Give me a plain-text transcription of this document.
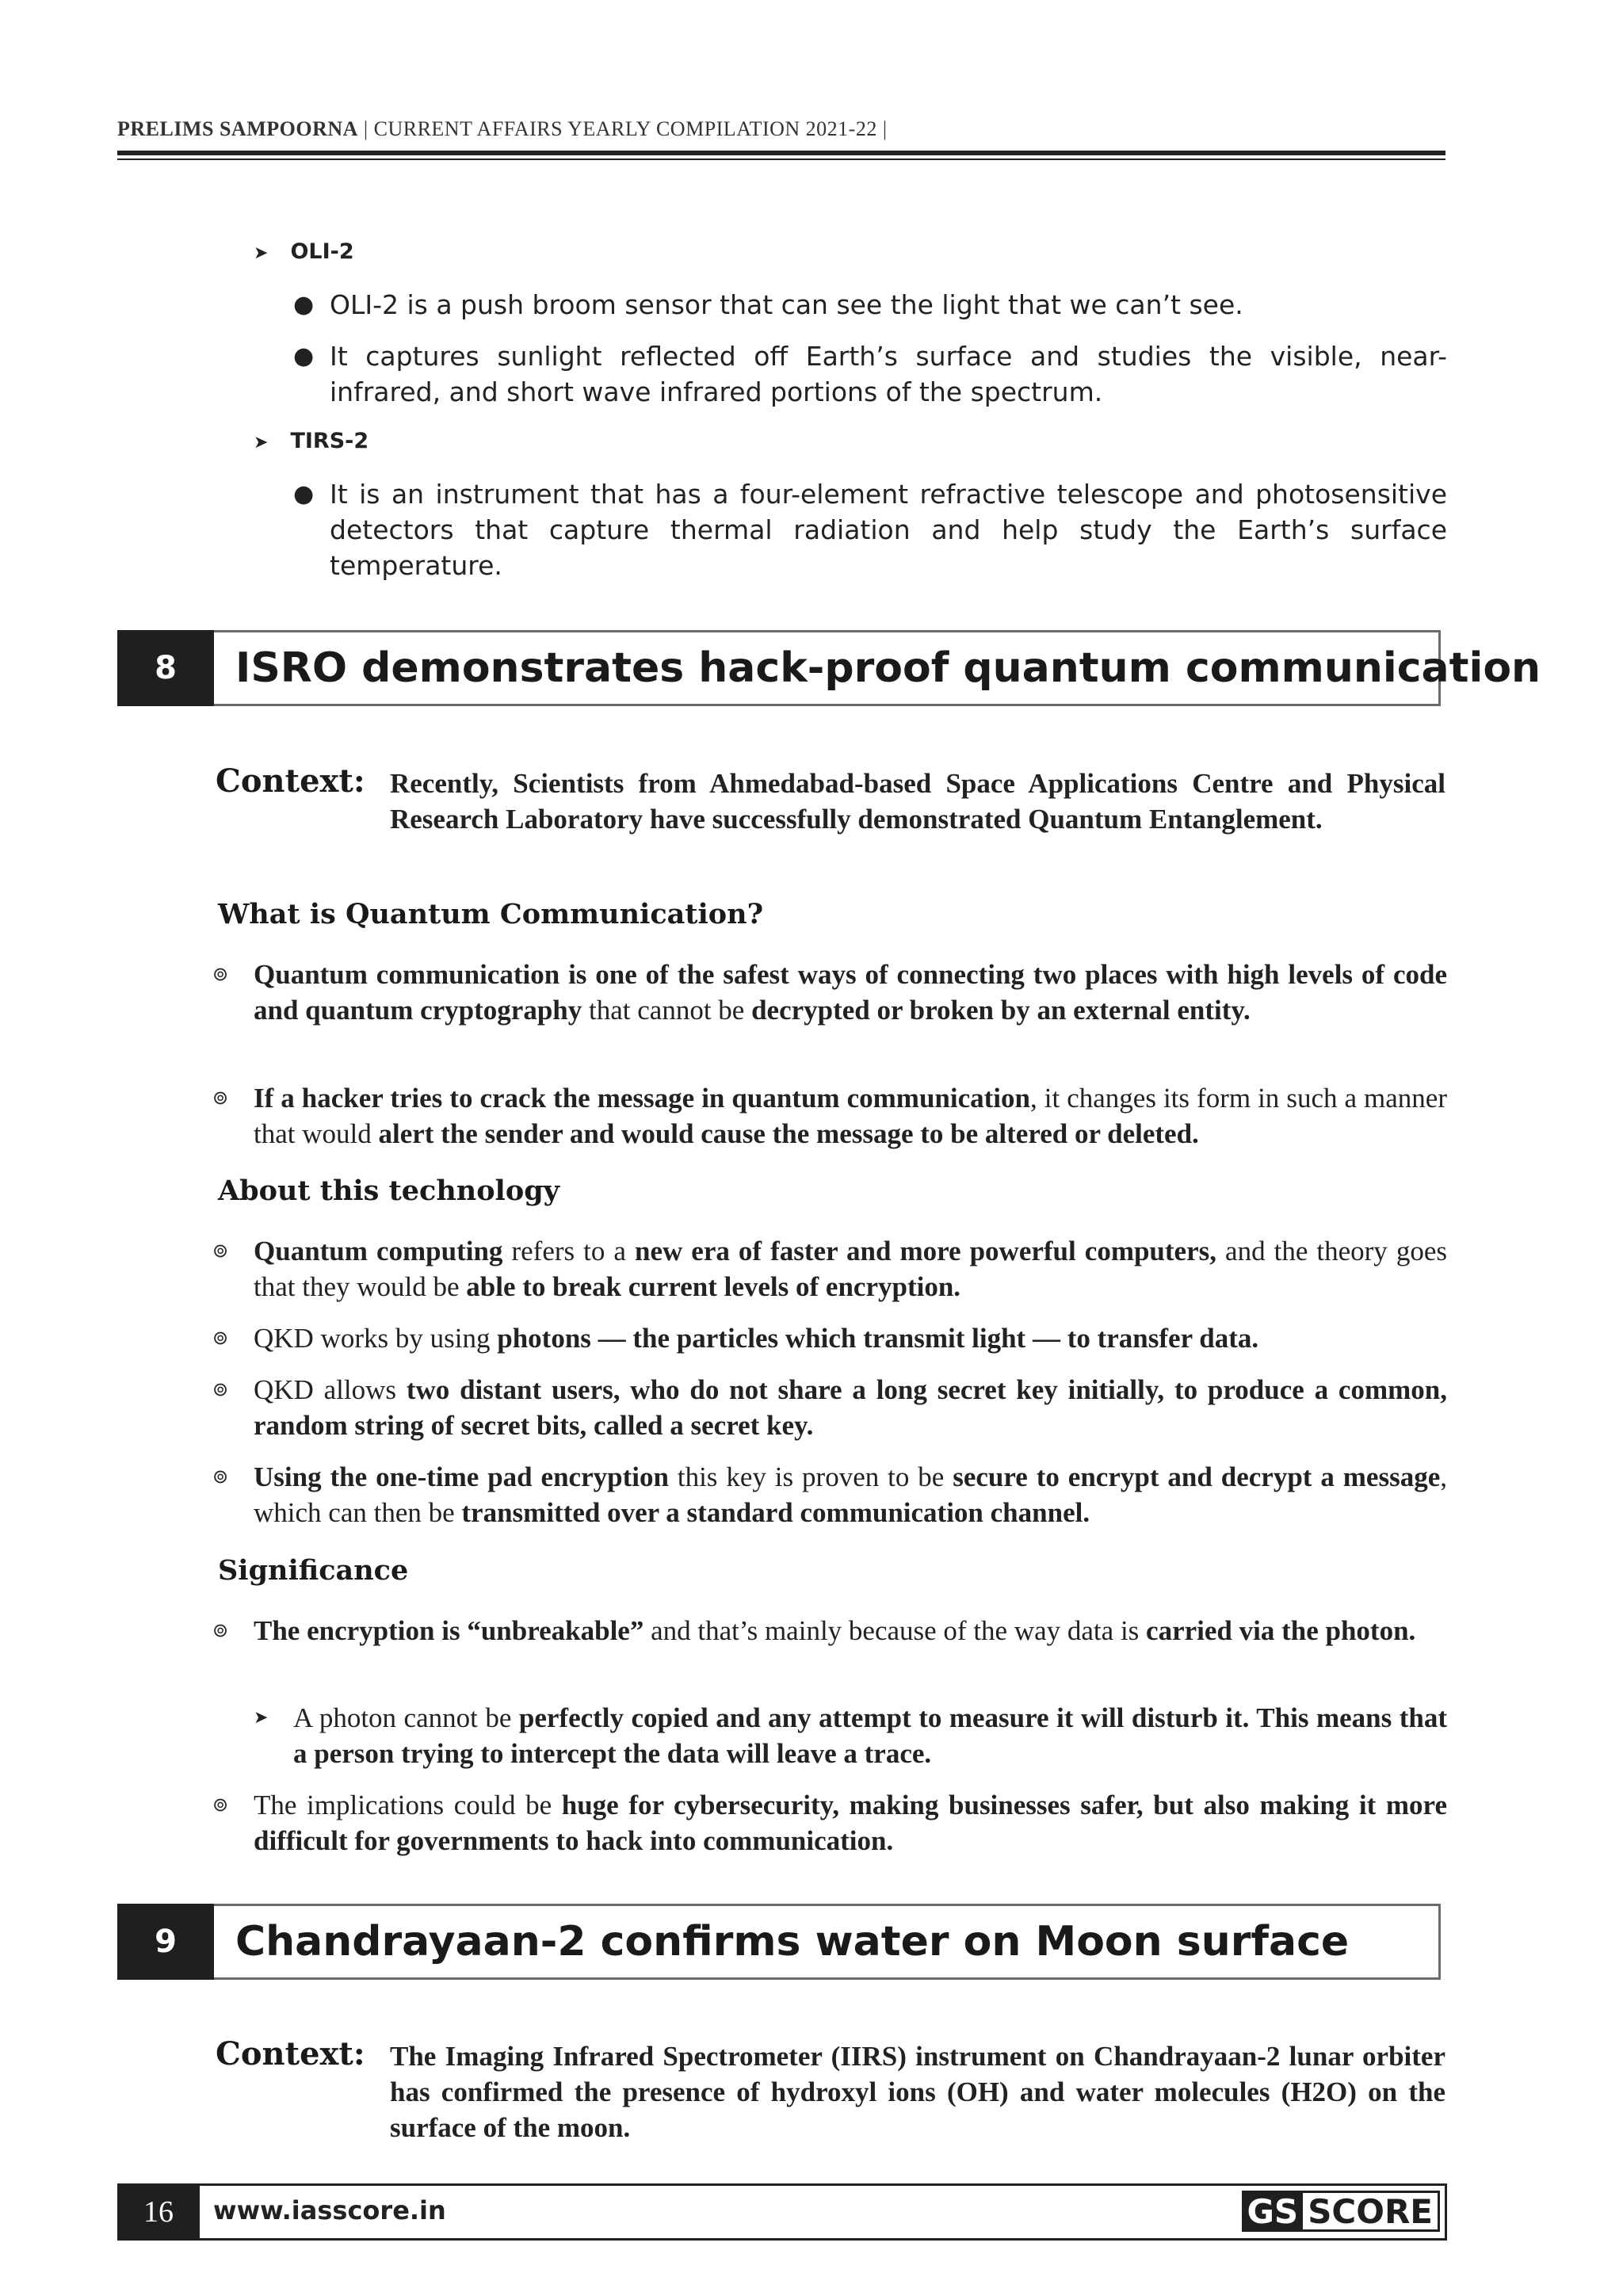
PRELIMS SAMPOORNA | CURRENT AFFAIRS YEARLY COMPILATION 2021-22 |
➤ OLI-2
● OLI-2 is a push broom sensor that can see the light that we can’t see.
● It captures sunlight reflected off Earth’s surface and studies the visible, near-infrared, and short wave infrared portions of the spectrum.
➤ TIRS-2
● It is an instrument that has a four-element refractive telescope and photosensitive detectors that capture thermal radiation and help study the Earth’s surface temperature.
8	ISRO demonstrates hack-proof quantum communication
Context: Recently, Scientists from Ahmedabad-based Space Applications Centre and Physical Research Laboratory have successfully demonstrated Quantum Entanglement.
What is Quantum Communication?
⊚ Quantum communication is one of the safest ways of connecting two places with high levels of code and quantum cryptography that cannot be decrypted or broken by an external entity.
⊚ If a hacker tries to crack the message in quantum communication, it changes its form in such a manner that would alert the sender and would cause the message to be altered or deleted.
About this technology
⊚ Quantum computing refers to a new era of faster and more powerful computers, and the theory goes that they would be able to break current levels of encryption.
⊚ QKD works by using photons — the particles which transmit light — to transfer data.
⊚ QKD allows two distant users, who do not share a long secret key initially, to produce a common, random string of secret bits, called a secret key.
⊚ Using the one-time pad encryption this key is proven to be secure to encrypt and decrypt a message, which can then be transmitted over a standard communication channel.
Significance
⊚ The encryption is “unbreakable” and that’s mainly because of the way data is carried via the photon.
➤ A photon cannot be perfectly copied and any attempt to measure it will disturb it. This means that a person trying to intercept the data will leave a trace.
⊚ The implications could be huge for cybersecurity, making businesses safer, but also making it more difficult for governments to hack into communication.
9	Chandrayaan-2 confirms water on Moon surface
Context: The Imaging Infrared Spectrometer (IIRS) instrument on Chandrayaan-2 lunar orbiter has confirmed the presence of hydroxyl ions (OH) and water molecules (H2O) on the surface of the moon.
16	www.iasscore.in	GS SCORE
